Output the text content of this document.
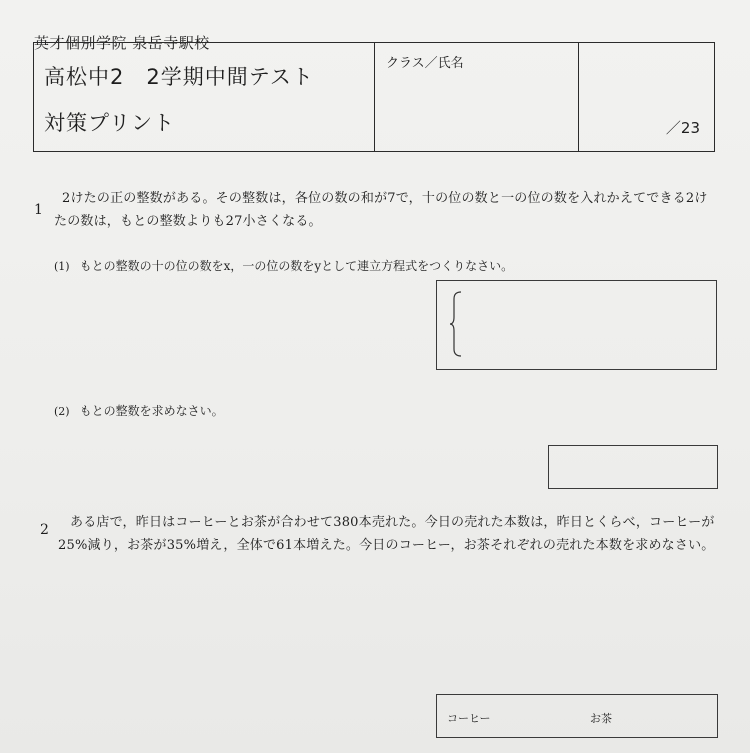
英才個別学院 泉岳寺駅校
高松中2　2学期中間テスト
対策プリント
クラス／氏名
／23
1
2けたの正の整数がある。その整数は，各位の数の和が7で，十の位の数と一の位の数を入れかえてできる2け
たの数は，もとの整数よりも27小さくなる。
(1) もとの整数の十の位の数をx，一の位の数をyとして連立方程式をつくりなさい。
(2) もとの整数を求めなさい。
2	ある店で，昨日はコーヒーとお茶が合わせて380本売れた。今日の売れた本数は，昨日とくらべ，コーヒーが
25%減り，お茶が35%増え，全体で61本増えた。今日のコーヒー，お茶それぞれの売れた本数を求めなさい。
コーヒー	お茶
